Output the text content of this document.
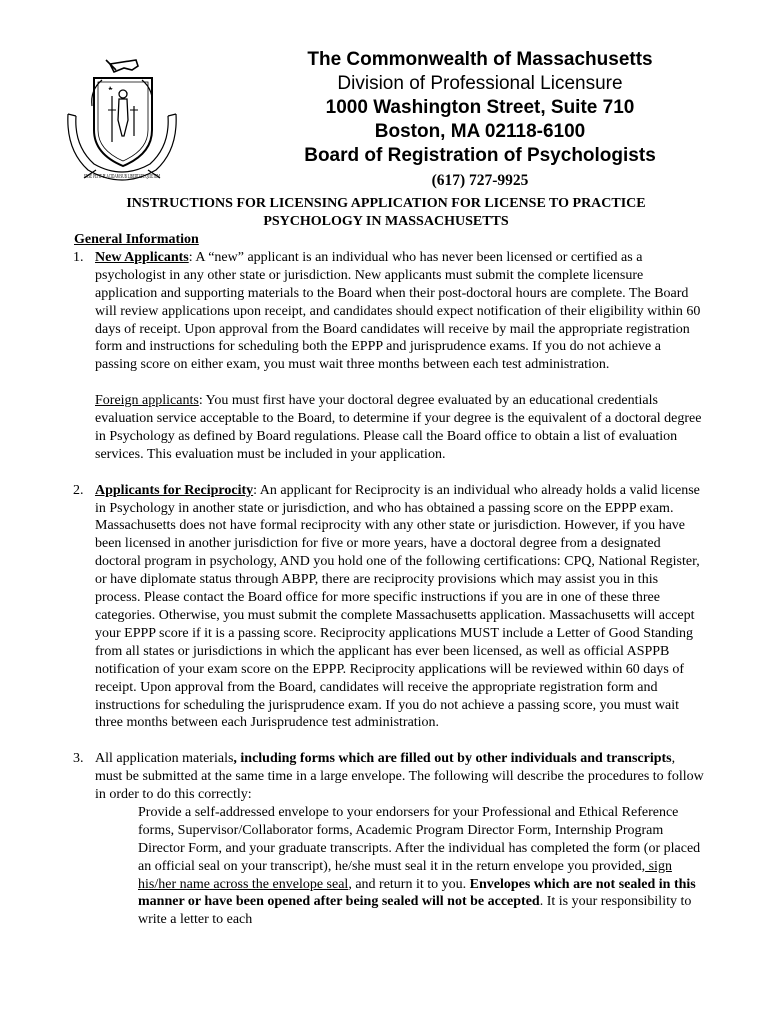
ENSE PETIT PLACIDAM SUB LIBERTATE QUIETEM
The Commonwealth of Massachusetts
Division of Professional Licensure
1000 Washington Street, Suite 710
Boston, MA 02118-6100
Board of Registration of Psychologists
(617) 727-9925
INSTRUCTIONS FOR LICENSING APPLICATION FOR LICENSE TO PRACTICE PSYCHOLOGY IN MASSACHUSETTS

General Information

1. New Applicants: A “new” applicant is an individual who has never been licensed or certified as a psychologist in any other state or jurisdiction. New applicants must submit the complete licensure application and supporting materials to the Board when their post-doctoral hours are complete. The Board will review applications upon receipt, and candidates should expect notification of their eligibility within 60 days of receipt. Upon approval from the Board candidates will receive by mail the appropriate registration form and instructions for scheduling both the EPPP and jurisprudence exams. If you do not achieve a passing score on either exam, you must wait three months between each test administration.

Foreign applicants: You must first have your doctoral degree evaluated by an educational credentials evaluation service acceptable to the Board, to determine if your degree is the equivalent of a doctoral degree in Psychology as defined by Board regulations. Please call the Board office to obtain a list of evaluation services. This evaluation must be included in your application.

2. Applicants for Reciprocity: An applicant for Reciprocity is an individual who already holds a valid license in Psychology in another state or jurisdiction, and who has obtained a passing score on the EPPP exam. Massachusetts does not have formal reciprocity with any other state or jurisdiction. However, if you have been licensed in another jurisdiction for five or more years, have a doctoral degree from a designated doctoral program in psychology, AND you hold one of the following certifications: CPQ, National Register, or have diplomate status through ABPP, there are reciprocity provisions which may assist you in this process. Please contact the Board office for more specific instructions if you are in one of these three categories. Otherwise, you must submit the complete Massachusetts application. Massachusetts will accept your EPPP score if it is a passing score. Reciprocity applications MUST include a Letter of Good Standing from all states or jurisdictions in which the applicant has ever been licensed, as well as official ASPPB notification of your exam score on the EPPP. Reciprocity applications will be reviewed within 60 days of receipt. Upon approval from the Board, candidates will receive the appropriate registration form and instructions for scheduling the jurisprudence exam. If you do not achieve a passing score, you must wait three months between each Jurisprudence test administration.

3. All application materials, including forms which are filled out by other individuals and transcripts, must be submitted at the same time in a large envelope. The following will describe the procedures to follow in order to do this correctly:

Provide a self-addressed envelope to your endorsers for your Professional and Ethical Reference forms, Supervisor/Collaborator forms, Academic Program Director Form, Internship Program Director Form, and your graduate transcripts. After the individual has completed the form (or placed an official seal on your transcript), he/she must seal it in the return envelope you provided, sign his/her name across the envelope seal, and return it to you. Envelopes which are not sealed in this manner or have been opened after being sealed will not be accepted. It is your responsibility to write a letter to each
